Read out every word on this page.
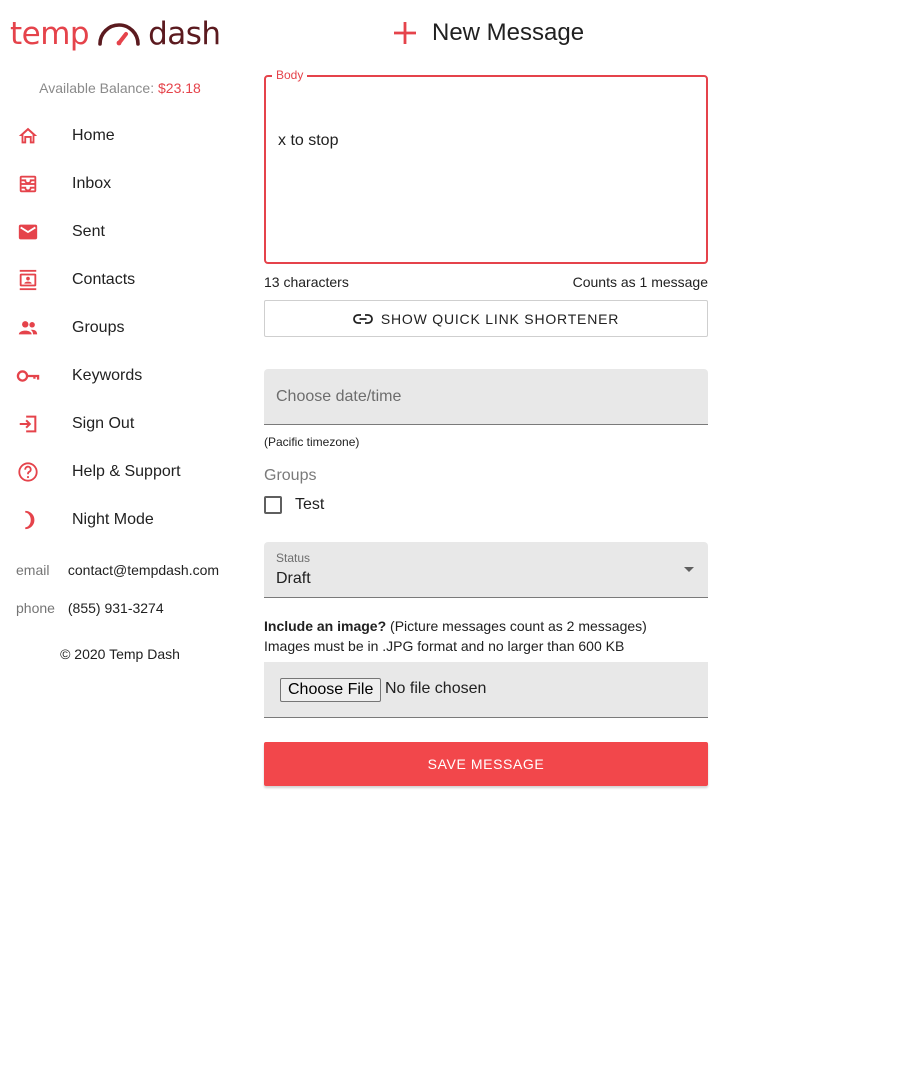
temp dash
Available Balance: $23.18
Home
Inbox
Sent
Contacts
Groups
Keywords
Sign Out
Help & Support
Night Mode
email contact@tempdash.com
phone (855) 931-3274
© 2020 Temp Dash
New Message
Body
x to stop
13 characters	Counts as 1 message
SHOW QUICK LINK SHORTENER
Choose date/time
(Pacific timezone)
Groups
Test
Status
Draft
Include an image? (Picture messages count as 2 messages)
Images must be in .JPG format and no larger than 600 KB
Choose File No file chosen
SAVE MESSAGE
